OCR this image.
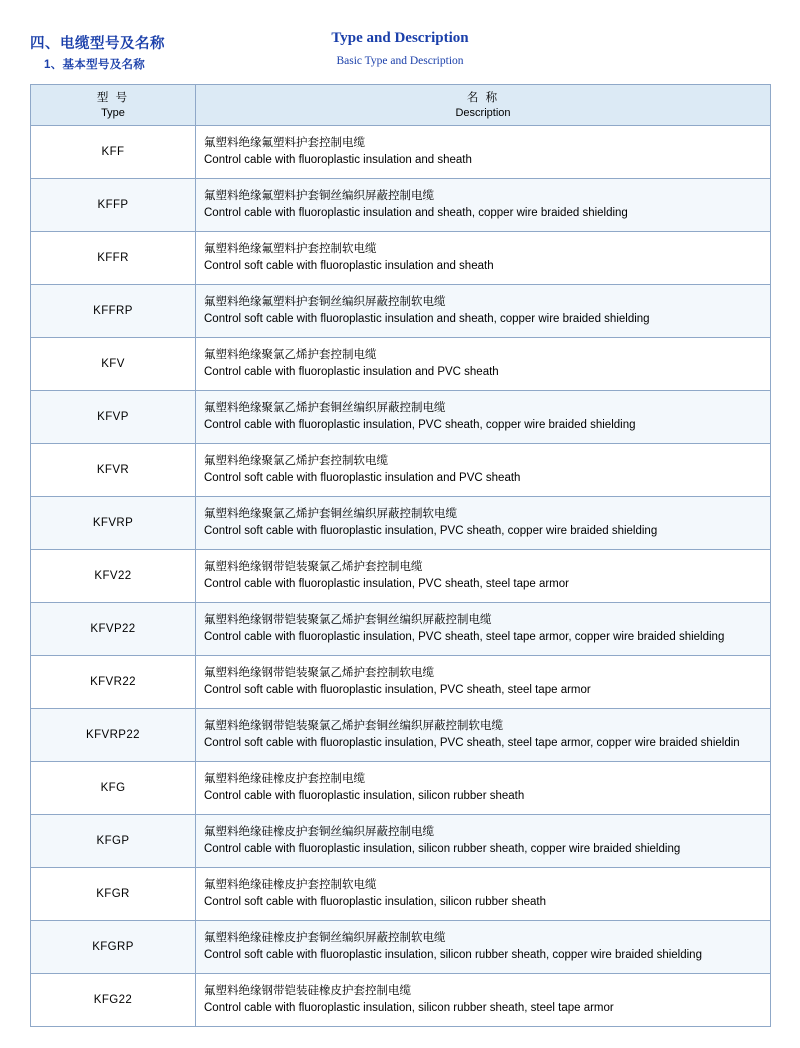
四、电缆型号及名称
1、基本型号及名称
Type and Description
Basic Type and Description
型 号
Type

名 称
Description

KFF	氟塑料绝缘氟塑料护套控制电缆
Control cable with fluoroplastic insulation and sheath

KFFP	氟塑料绝缘氟塑料护套铜丝编织屏蔽控制电缆
Control cable with fluoroplastic insulation and sheath, copper wire braided shielding

KFFR	氟塑料绝缘氟塑料护套控制软电缆
Control soft cable with fluoroplastic insulation and sheath

KFFRP	氟塑料绝缘氟塑料护套铜丝编织屏蔽控制软电缆
Control soft cable with fluoroplastic insulation and sheath, copper wire braided shielding

KFV	氟塑料绝缘聚氯乙烯护套控制电缆
Control cable with fluoroplastic insulation and PVC sheath

KFVP	氟塑料绝缘聚氯乙烯护套铜丝编织屏蔽控制电缆
Control cable with fluoroplastic insulation, PVC sheath, copper wire braided shielding

KFVR	氟塑料绝缘聚氯乙烯护套控制软电缆
Control soft cable with fluoroplastic insulation and PVC sheath

KFVRP	氟塑料绝缘聚氯乙烯护套铜丝编织屏蔽控制软电缆
Control soft cable with fluoroplastic insulation, PVC sheath, copper wire braided shielding

KFV22	氟塑料绝缘钢带铠装聚氯乙烯护套控制电缆
Control cable with fluoroplastic insulation, PVC sheath, steel tape armor

KFVP22	氟塑料绝缘钢带铠装聚氯乙烯护套铜丝编织屏蔽控制电缆
Control cable with fluoroplastic insulation, PVC sheath, steel tape armor, copper wire braided shielding

KFVR22	氟塑料绝缘钢带铠装聚氯乙烯护套控制软电缆
Control soft cable with fluoroplastic insulation, PVC sheath, steel tape armor

KFVRP22	氟塑料绝缘钢带铠装聚氯乙烯护套铜丝编织屏蔽控制软电缆
Control soft cable with fluoroplastic insulation, PVC sheath, steel tape armor, copper wire braided shieldin

KFG	氟塑料绝缘硅橡皮护套控制电缆
Control cable with fluoroplastic insulation, silicon rubber sheath

KFGP	氟塑料绝缘硅橡皮护套铜丝编织屏蔽控制电缆
Control cable with fluoroplastic insulation, silicon rubber sheath, copper wire braided shielding

KFGR	氟塑料绝缘硅橡皮护套控制软电缆
Control soft cable with fluoroplastic insulation, silicon rubber sheath

KFGRP	氟塑料绝缘硅橡皮护套铜丝编织屏蔽控制软电缆
Control soft cable with fluoroplastic insulation, silicon rubber sheath, copper wire braided shielding

KFG22	氟塑料绝缘钢带铠装硅橡皮护套控制电缆
Control cable with fluoroplastic insulation, silicon rubber sheath, steel tape armor
